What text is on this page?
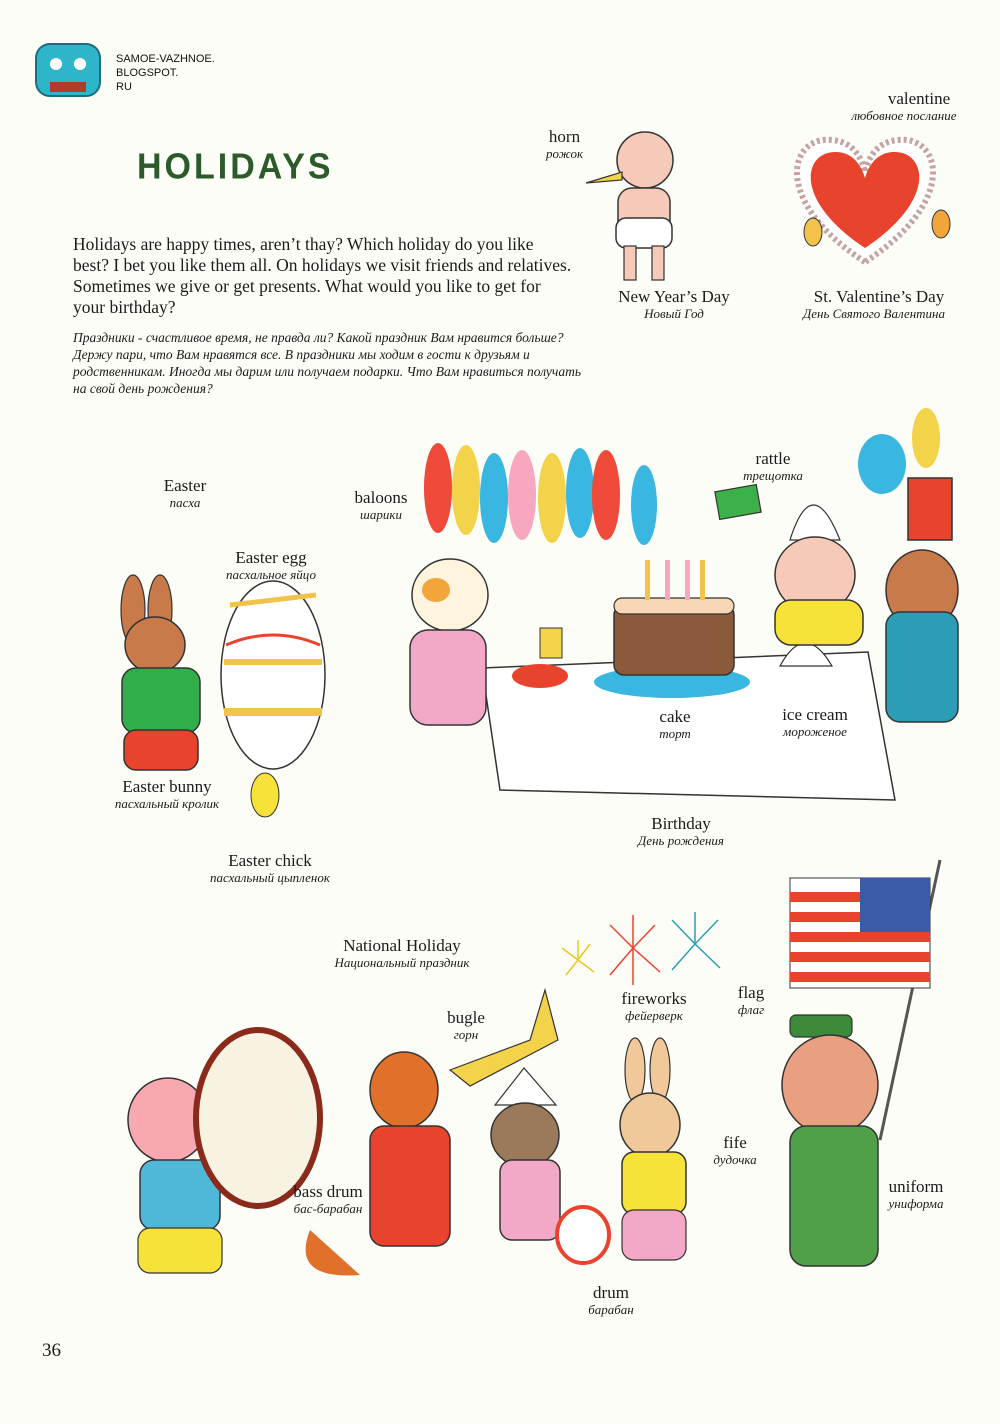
SAMOE-VAZHNOE.
BLOGSPOT.
RU
HOLIDAYS
Holidays are happy times, aren’t thay? Which holiday do you like best? I bet you like them all. On holidays we visit friends and relatives. Sometimes we give or get presents. What would you like to get for your birthday?
Праздники - счастливое время, не правда ли? Какой праздник Вам нравится больше? Держу пари, что Вам нравятся все. В праздники мы ходим в гости к друзьям и родственникам. Иногда мы дарим или получаем подарки. Что Вам нравиться получать на свой день рождения?
horn
рожок
valentine
любовное послание
New Year’s Day
Новый Год
St. Valentine’s Day
День Святого Валентина
rattle
трещотка
Easter
пасха	baloons
шарики
Easter egg
пасхальное яйцо
cake
торт
ice cream
мороженое
Easter bunny
пасхальный кролик
Birthday
День рождения
Easter chick
пасхальный цыпленок
National Holiday
Национальный праздник
fireworks
фейерверк
flag
флаг
bugle
горн
fife
дудочка
bass drum
бас-барабан
uniform
униформа
drum
барабан
36
